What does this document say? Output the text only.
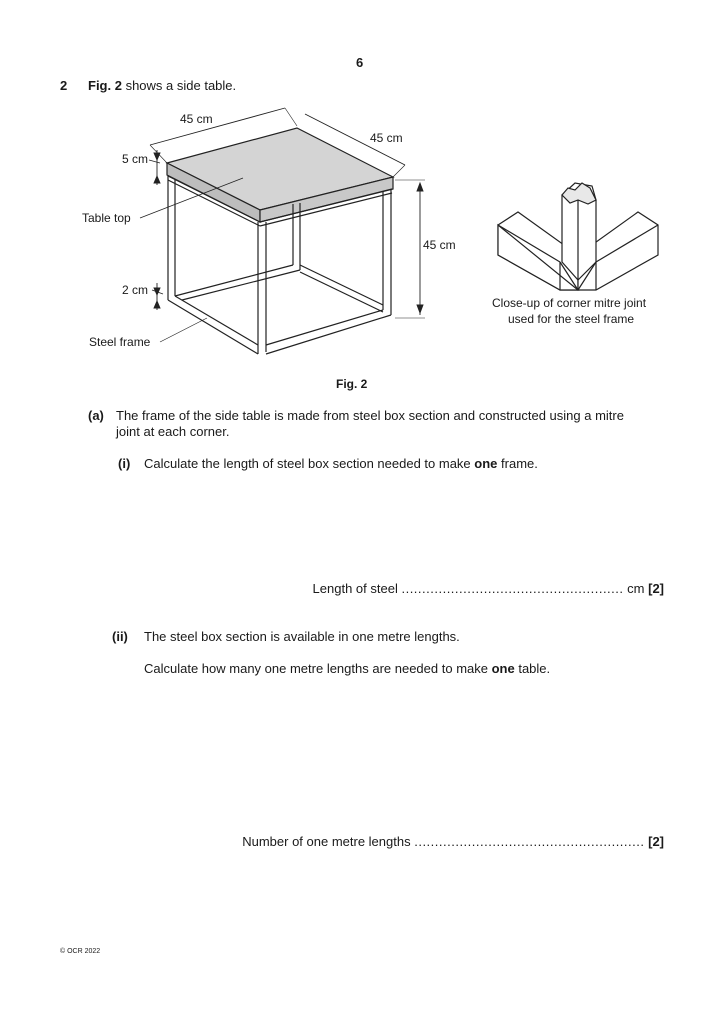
6
2 Fig. 2 shows a side table.
45 cm
45 cm
45 cm
5 cm
2 cm
Table top
Steel frame
Close-up of corner mitre joint
used for the steel frame
Fig. 2
(a) The frame of the side table is made from steel box section and constructed using a mitre
joint at each corner.
(i) Calculate the length of steel box section needed to make one frame.
Length of steel ...................................................... cm [2]
(ii) The steel box section is available in one metre lengths.
Calculate how many one metre lengths are needed to make one table.
Number of one metre lengths ........................................................ [2]
© OCR 2022
